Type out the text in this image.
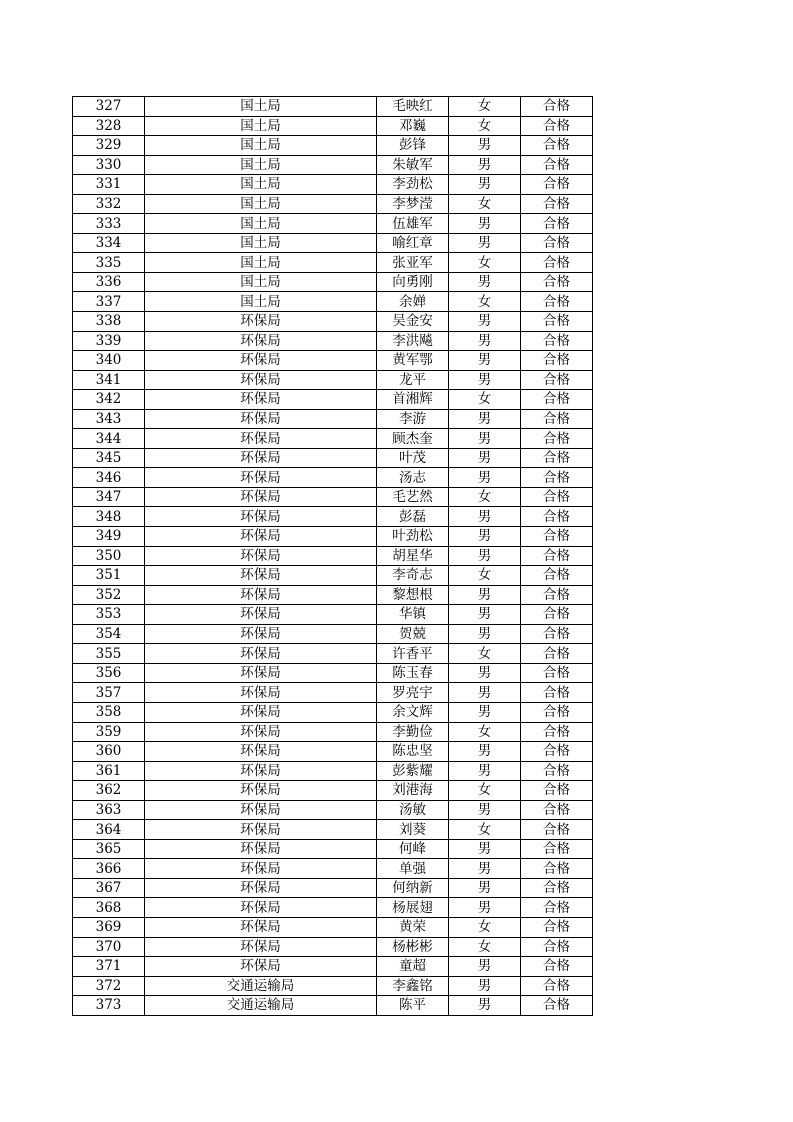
327	国土局	毛映红	女	合格
328	国土局	邓巍	女	合格
329	国土局	彭锋	男	合格
330	国土局	朱敏军	男	合格
331	国土局	李劲松	男	合格
332	国土局	李梦滢	女	合格
333	国土局	伍雄军	男	合格
334	国土局	喻红章	男	合格
335	国土局	张亚军	女	合格
336	国土局	向勇刚	男	合格
337	国土局	余婵	女	合格
338	环保局	吴金安	男	合格
339	环保局	李洪飚	男	合格
340	环保局	黄军鄂	男	合格
341	环保局	龙平	男	合格
342	环保局	首湘辉	女	合格
343	环保局	李游	男	合格
344	环保局	顾杰奎	男	合格
345	环保局	叶茂	男	合格
346	环保局	汤志	男	合格
347	环保局	毛艺然	女	合格
348	环保局	彭磊	男	合格
349	环保局	叶劲松	男	合格
350	环保局	胡星华	男	合格
351	环保局	李奇志	女	合格
352	环保局	黎想根	男	合格
353	环保局	华镇	男	合格
354	环保局	贺兢	男	合格
355	环保局	许香平	女	合格
356	环保局	陈玉春	男	合格
357	环保局	罗亮宇	男	合格
358	环保局	余文辉	男	合格
359	环保局	李勤俭	女	合格
360	环保局	陈忠坚	男	合格
361	环保局	彭紫耀	男	合格
362	环保局	刘港海	女	合格
363	环保局	汤敏	男	合格
364	环保局	刘葵	女	合格
365	环保局	何峰	男	合格
366	环保局	单强	男	合格
367	环保局	何纳新	男	合格
368	环保局	杨展翅	男	合格
369	环保局	黄荣	女	合格
370	环保局	杨彬彬	女	合格
371	环保局	童超	男	合格
372	交通运输局	李鑫铭	男	合格
373	交通运输局	陈平	男	合格
